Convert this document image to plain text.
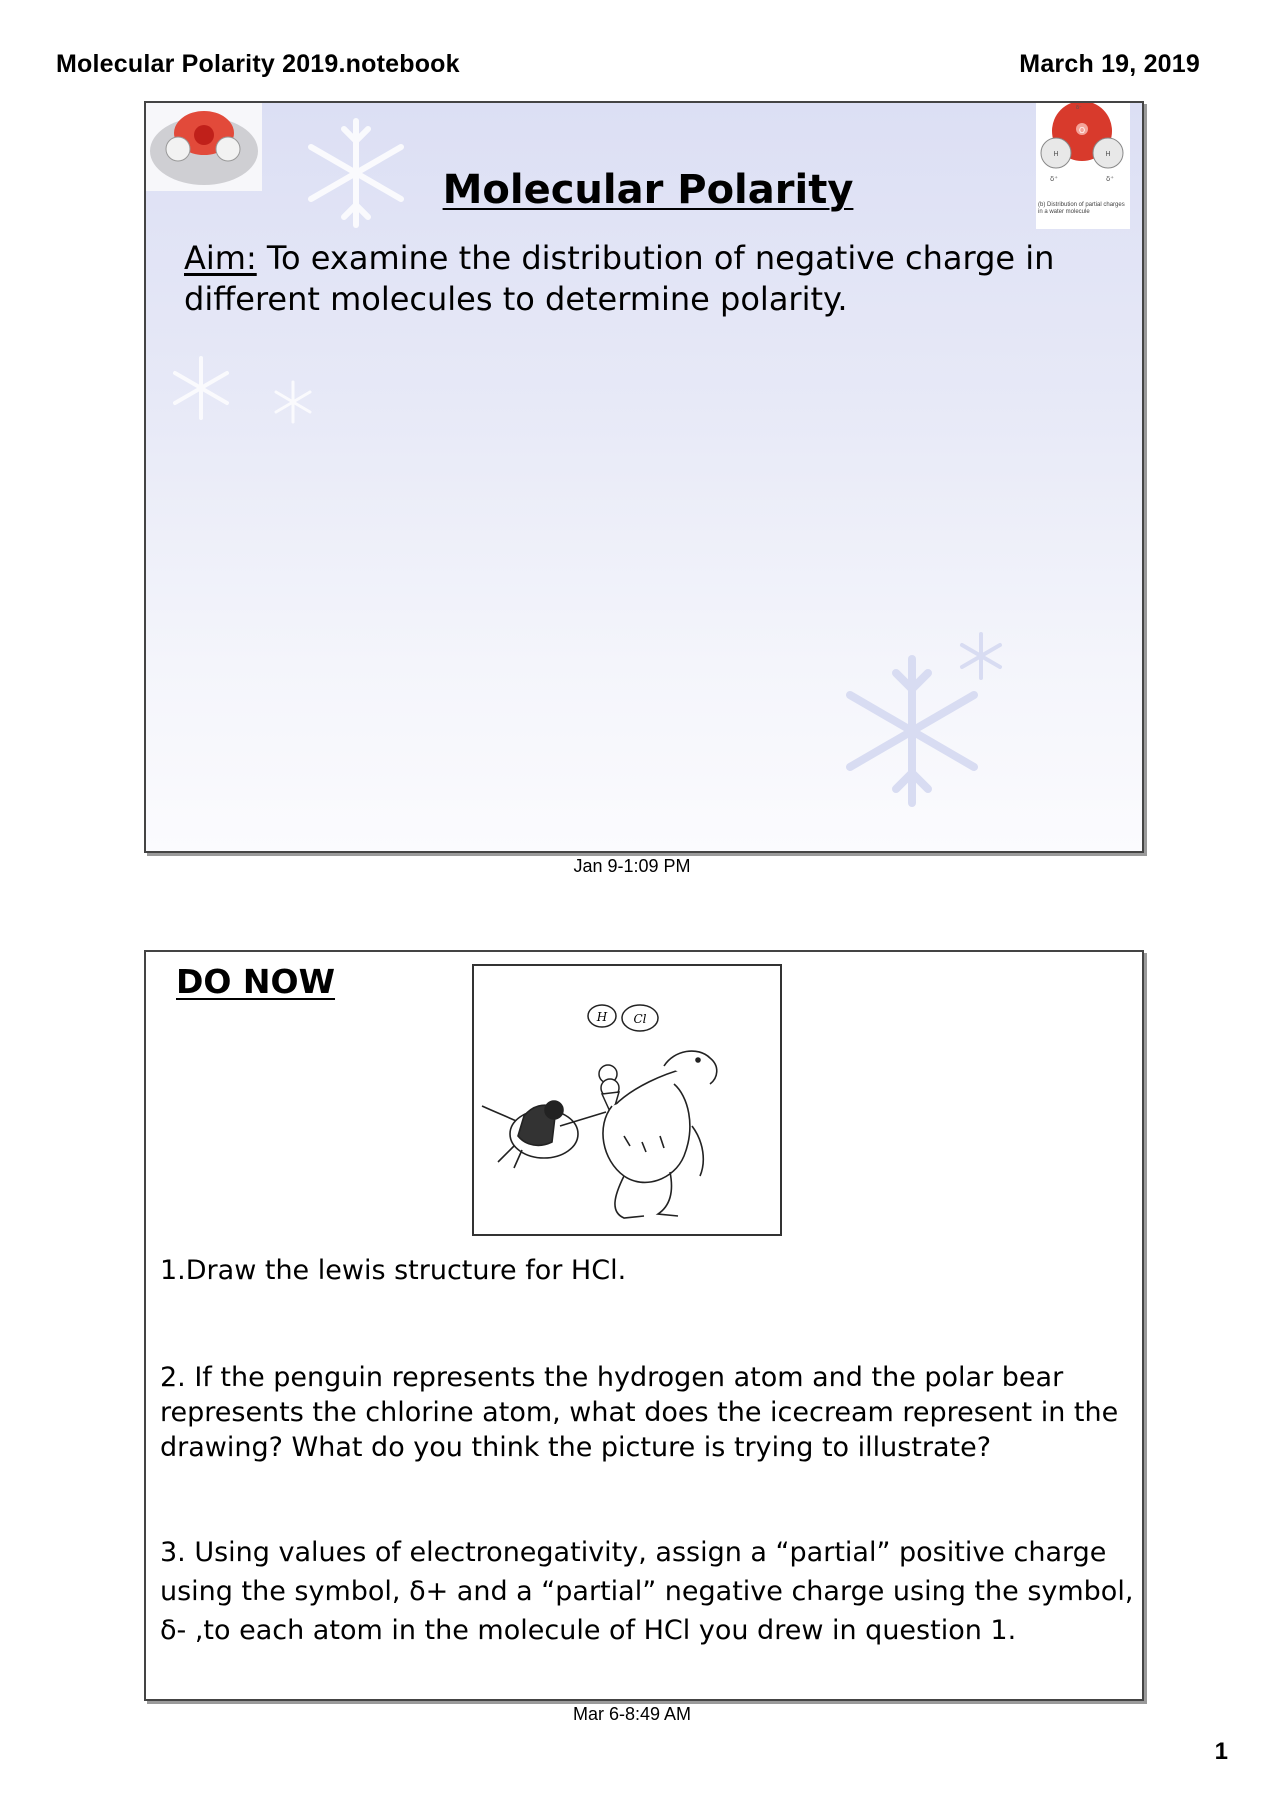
Molecular Polarity 2019.notebook	March 19, 2019
O
H	H
δ⁺	δ⁺
δ⁻
(b) Distribution of partial charges in a water molecule
Molecular Polarity
Aim: To examine the distribution of negative charge in different molecules to determine polarity.
Jan 9-1:09 PM
DO NOW
H Cl
1.Draw the lewis structure for HCl.
2. If the penguin represents the hydrogen atom and the polar bear represents the chlorine atom, what does the icecream represent in the drawing? What do you think the picture is trying to illustrate?
3. Using values of electronegativity, assign a “partial” positive charge using the symbol, δ+ and a “partial” negative charge using the symbol, δ- ,to each atom in the molecule of HCl you drew in question 1.
Mar 6-8:49 AM
1
